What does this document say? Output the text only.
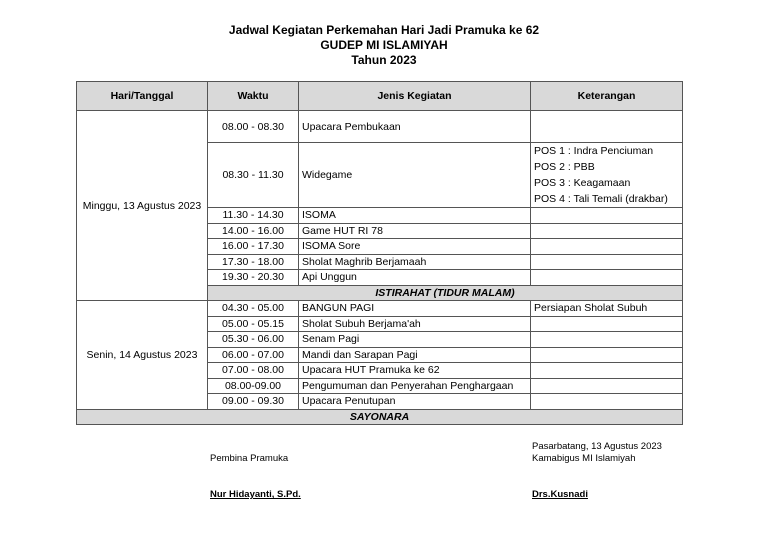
Jadwal Kegiatan Perkemahan Hari Jadi Pramuka ke 62
GUDEP MI ISLAMIYAH
Tahun 2023
Hari/Tanggal	Waktu	Jenis Kegiatan	Keterangan
Minggu, 13 Agustus 2023	08.00 - 08.30	Upacara Pembukaan	
	08.30 - 11.30	Widegame	POS 1 : Indra Penciuman
POS 2 : PBB
POS 3 : Keagamaan
POS 4 : Tali Temali (drakbar)

	11.30 - 14.30	ISOMA	
	14.00 - 16.00	Game HUT RI 78	
	16.00 - 17.30	ISOMA Sore	
	17.30 - 18.00	Sholat Maghrib Berjamaah	
	19.30 - 20.30	Api Unggun	
	ISTIRAHAT (TIDUR MALAM)		
Senin, 14 Agustus 2023	04.30 - 05.00	BANGUN PAGI	Persiapan Sholat Subuh
	05.00 - 05.15	Sholat Subuh Berjama'ah	
	05.30 - 06.00	Senam Pagi	
	06.00 - 07.00	Mandi dan Sarapan Pagi	
	07.00 - 08.00	Upacara HUT Pramuka ke 62	
	08.00-09.00	Pengumuman dan Penyerahan Penghargaan	
	09.00 - 09.30	Upacara Penutupan	
SAYONARA			
Pembina Pramuka
Pasarbatang, 13 Agustus 2023
Kamabigus MI Islamiyah
Nur Hidayanti, S.Pd.	Drs.Kusnadi
